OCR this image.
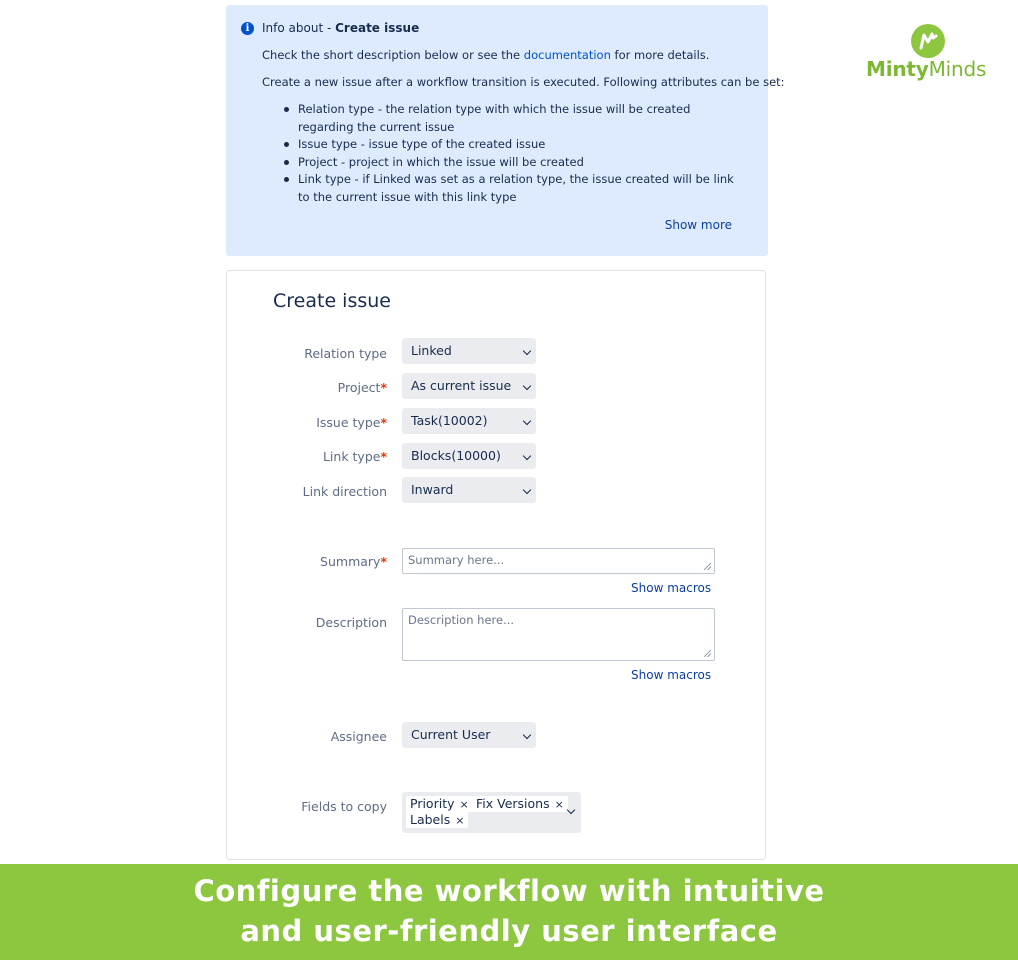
i	Info about - Create issue
Check the short description below or see the documentation for more details.
Create a new issue after a workflow transition is executed. Following attributes can be set:
Relation type - the relation type with which the issue will be created regarding the current issue
Issue type - issue type of the created issue
Project - project in which the issue will be created
Link type - if Linked was set as a relation type, the issue created will be link to the current issue with this link type
Show more
MintyMinds
Create issue
Relation type	Linked
Project*	As current issue
Issue type*	Task(10002)
Link type*	Blocks(10000)
Link direction	Inward
Summary*	Summary here...
Show macros
Description	Description here...
Show macros
Assignee	Current User
Fields to copy	Priority × Fix Versions ×
Labels ×
Configure the workflow with intuitive
and user-friendly user interface
